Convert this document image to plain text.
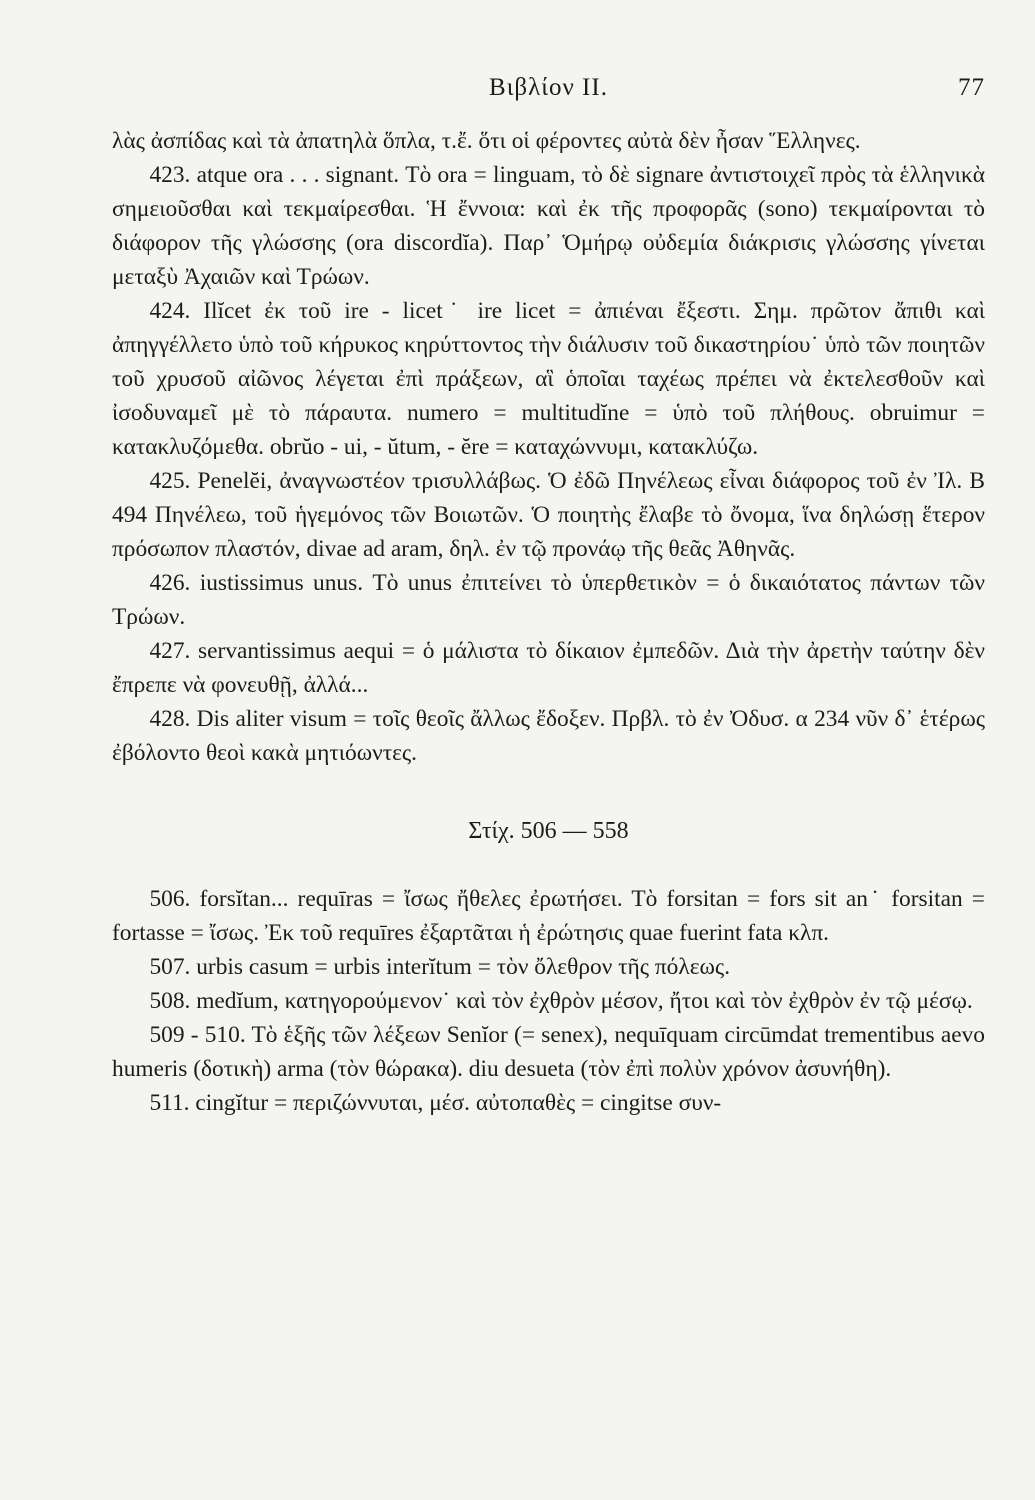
Βιβλίον II.	77

λὰς ἀσπίδας καὶ τὰ ἀπατηλὰ ὅπλα, τ.ἔ. ὅτι οἱ φέροντες αὐτὰ δὲν ἦσαν Ἕλληνες.

423. atque ora . . . signant. Τὸ ora = linguam, τὸ δὲ signare ἀντιστοιχεῖ πρὸς τὰ ἑλληνικὰ σημειοῦσθαι καὶ τεκμαίρεσθαι. Ἡ ἔννοια: καὶ ἐκ τῆς προφορᾶς (sono) τεκμαίρονται τὸ διάφορον τῆς γλώσσης (ora discordĭa). Παρ᾽ Ὁμήρῳ οὐδεμία διάκρισις γλώσσης γίνεται μεταξὺ Ἀχαιῶν καὶ Τρώων.

424. Ilĭcet ἐκ τοῦ ire - licet˙ ire licet = ἀπιέναι ἔξεστι. Σημ. πρῶτον ἄπιθι καὶ ἀπηγγέλλετο ὑπὸ τοῦ κήρυκος κηρύττοντος τὴν διάλυσιν τοῦ δικαστηρίου˙ ὑπὸ τῶν ποιητῶν τοῦ χρυσοῦ αἰῶνος λέγεται ἐπὶ πράξεων, αἳ ὁποῖαι ταχέως πρέπει νὰ ἐκτελεσθοῦν καὶ ἰσοδυναμεῖ μὲ τὸ πάραυτα. numero = multitudĭne = ὑπὸ τοῦ πλήθους. obruimur = κατακλυζόμεθα. obrŭo - ui, - ŭtum, - ĕre = καταχώννυμι, κατακλύζω.

425. Penelĕi, ἀναγνωστέον τρισυλλάβως. Ὁ ἐδῶ Πηνέλεως εἶναι διάφορος τοῦ ἐν Ἰλ. Β 494 Πηνέλεω, τοῦ ἡγεμόνος τῶν Βοιωτῶν. Ὁ ποιητὴς ἔλαβε τὸ ὄνομα, ἵνα δηλώσῃ ἕτερον πρόσωπον πλαστόν, divae ad aram, δηλ. ἐν τῷ προνάῳ τῆς θεᾶς Ἀθηνᾶς.

426. iustissimus unus. Τὸ unus ἐπιτείνει τὸ ὑπερθετικὸν = ὁ δικαιότατος πάντων τῶν Τρώων.

427. servantissimus aequi = ὁ μάλιστα τὸ δίκαιον ἐμπεδῶν. Διὰ τὴν ἀρετὴν ταύτην δὲν ἔπρεπε νὰ φονευθῇ, ἀλλά...

428. Dis aliter visum = τοῖς θεοῖς ἄλλως ἔδοξεν. Πρβλ. τὸ ἐν Ὀδυσ. α 234 νῦν δ᾽ ἑτέρως ἐβόλοντο θεοὶ κακὰ μητιόωντες.

Στίχ. 506 — 558

506. forsĭtan... requīras = ἴσως ἤθελες ἐρωτήσει. Τὸ forsitan = fors sit an˙ forsitan = fortasse = ἴσως. Ἐκ τοῦ requīres ἐξαρτᾶται ἡ ἐρώτησις quae fuerint fata κλπ.

507. urbis casum = urbis interĭtum = τὸν ὄλεθρον τῆς πόλεως.

508. medĭum, κατηγορούμενον˙ καὶ τὸν ἐχθρὸν μέσον, ἤτοι καὶ τὸν ἐχθρὸν ἐν τῷ μέσῳ.

509 - 510. Τὸ ἑξῆς τῶν λέξεων Senĭor (= senex), nequīquam circūmdat trementibus aevo humeris (δοτικὴ) arma (τὸν θώρακα). diu desueta (τὸν ἐπὶ πολὺν χρόνον ἀσυνήθη).

511. cingĭtur = περιζώννυται, μέσ. αὐτοπαθὲς = cingitse συν-
